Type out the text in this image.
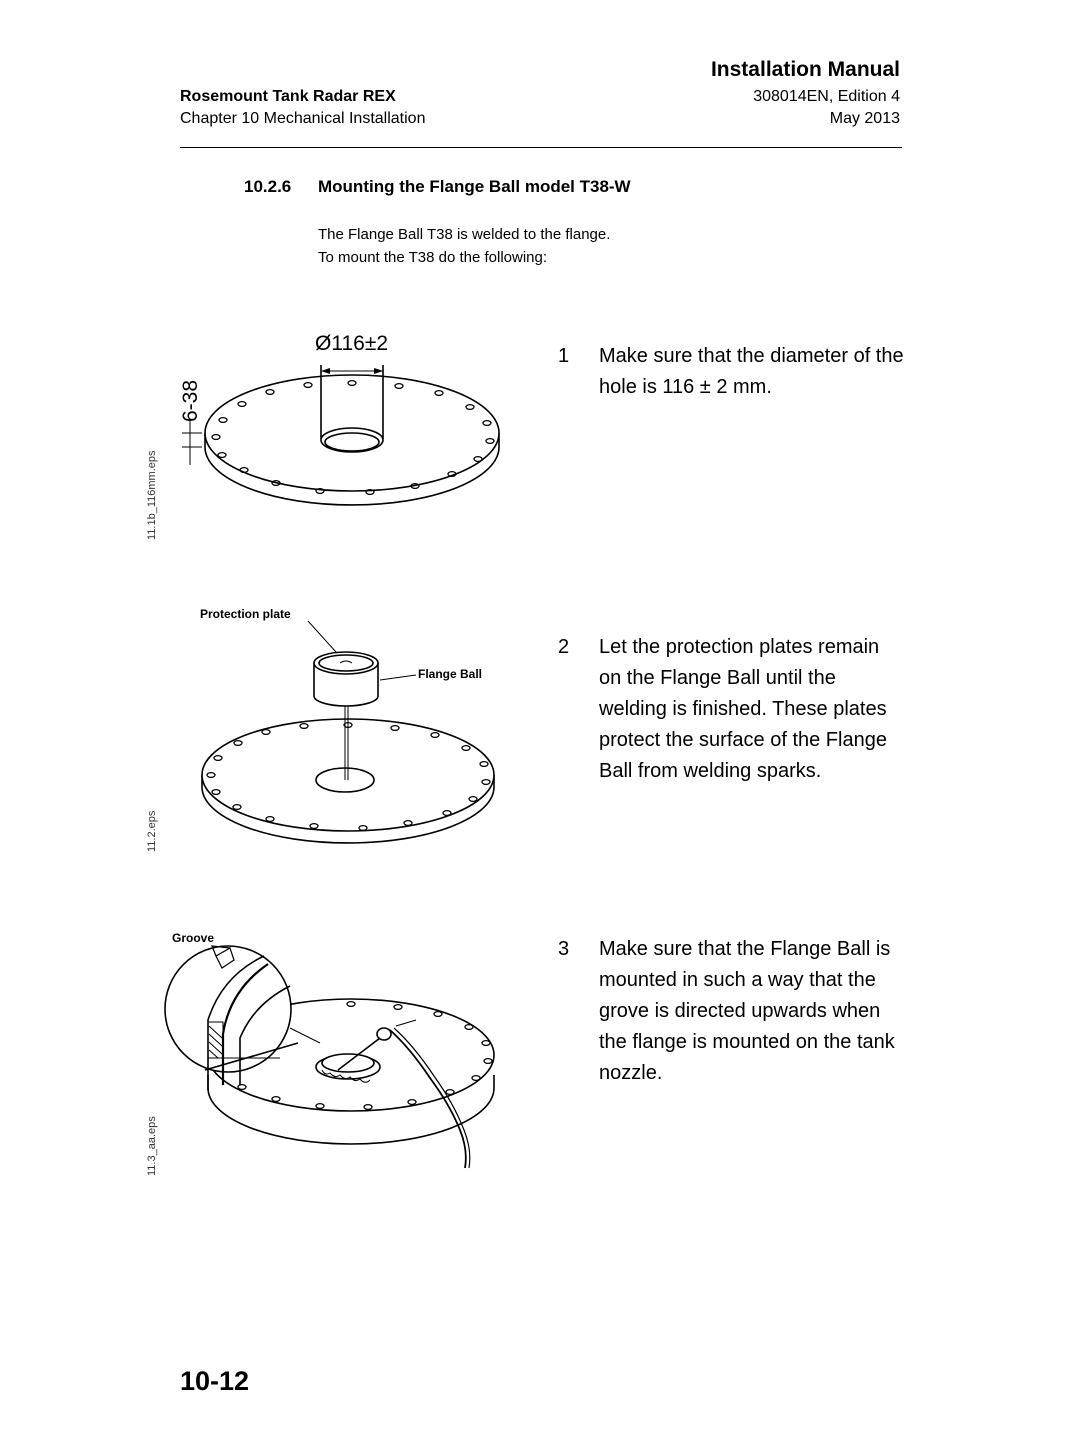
Installation Manual
Rosemount Tank Radar REX
Chapter 10 Mechanical Installation
308014EN, Edition 4
May 2013
10.2.6 Mounting the Flange Ball model T38-W
The Flange Ball T38 is welded to the flange.
To mount the T38 do the following:
11.1b_116mm.eps
Ø116±2
6-38
11.2.eps
Protection plate
Flange Ball
11.3_aa.eps
Groove
1 Make sure that the diameter of the hole is 116 ± 2 mm.
2 Let the protection plates remain on the Flange Ball until the welding is finished. These plates protect the surface of the Flange Ball from welding sparks.
3 Make sure that the Flange Ball is mounted in such a way that the grove is directed upwards when the flange is mounted on the tank nozzle.
10-12
